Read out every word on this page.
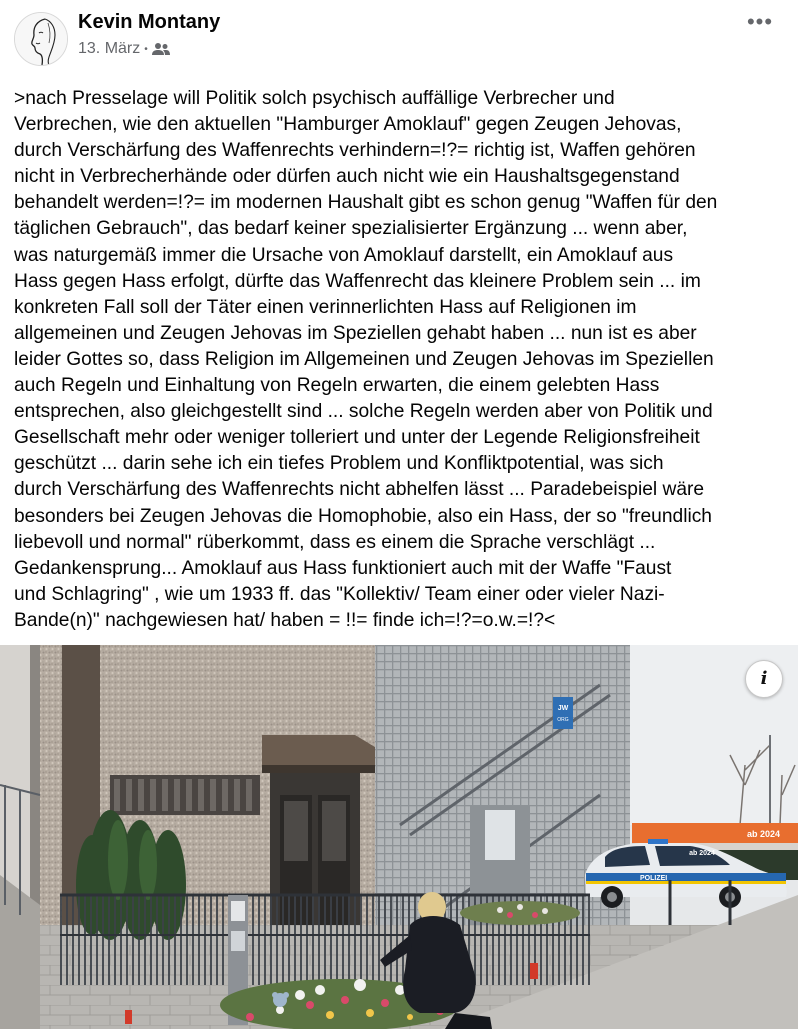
Kevin Montany
13. März •
•••
>nach Presselage will Politik solch psychisch auffällige Verbrecher und
Verbrechen, wie den aktuellen "Hamburger Amoklauf" gegen Zeugen Jehovas,
durch Verschärfung des Waffenrechts verhindern=!?= richtig ist, Waffen gehören
nicht in Verbrecherhände oder dürfen auch nicht wie ein Haushaltsgegenstand
behandelt werden=!?= im modernen Haushalt gibt es schon genug "Waffen für den
täglichen Gebrauch", das bedarf keiner spezialisierter Ergänzung ... wenn aber,
was naturgemäß immer die Ursache von Amoklauf darstellt, ein Amoklauf aus
Hass gegen Hass erfolgt, dürfte das Waffenrecht das kleinere Problem sein ... im
konkreten Fall soll der Täter einen verinnerlichten Hass auf Religionen im
allgemeinen und Zeugen Jehovas im Speziellen gehabt haben ... nun ist es aber
leider Gottes so, dass Religion im Allgemeinen und Zeugen Jehovas im Speziellen
auch Regeln und Einhaltung von Regeln erwarten, die einem gelebten Hass
entsprechen, also gleichgestellt sind ... solche Regeln werden aber von Politik und
Gesellschaft mehr oder weniger tolleriert und unter der Legende Religionsfreiheit
geschützt ... darin sehe ich ein tiefes Problem und Konfliktpotential, was sich
durch Verschärfung des Waffenrechts nicht abhelfen lässt ... Paradebeispiel wäre
besonders bei Zeugen Jehovas die Homophobie, also ein Hass, der so "freundlich
liebevoll und normal" rüberkommt, dass es einem die Sprache verschlägt ...
Gedankensprung... Amoklauf aus Hass funktioniert auch mit der Waffe "Faust
und Schlagring" , wie um 1933 ff. das "Kollektiv/ Team einer oder vieler Nazi-
Bande(n)" nachgewiesen hat/ haben = !!= finde ich=!?=o.w.=!?<
JW
ORG
ab 2024
POLIZEI
ab 2024
i
